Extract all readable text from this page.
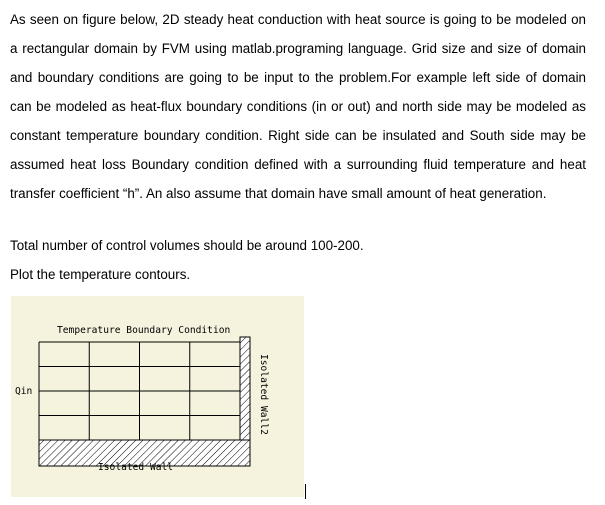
As seen on figure below, 2D steady heat conduction with heat source is going to be modeled on a rectangular domain by FVM using matlab.programing language. Grid size and size of domain and boundary conditions are going to be input to the problem.For example left side of domain can be modeled as heat-flux boundary conditions (in or out) and north side may be modeled as constant temperature boundary condition. Right side can be insulated and South side may be assumed heat loss Boundary condition defined with a surrounding fluid temperature and heat transfer coefficient “h”. An also assume that domain have small amount of heat generation.

Total number of control volumes should be around 100-200.

Plot the temperature contours.

Temperature Boundary Condition
Qin
Isolated Wall
Isolated Wall2
